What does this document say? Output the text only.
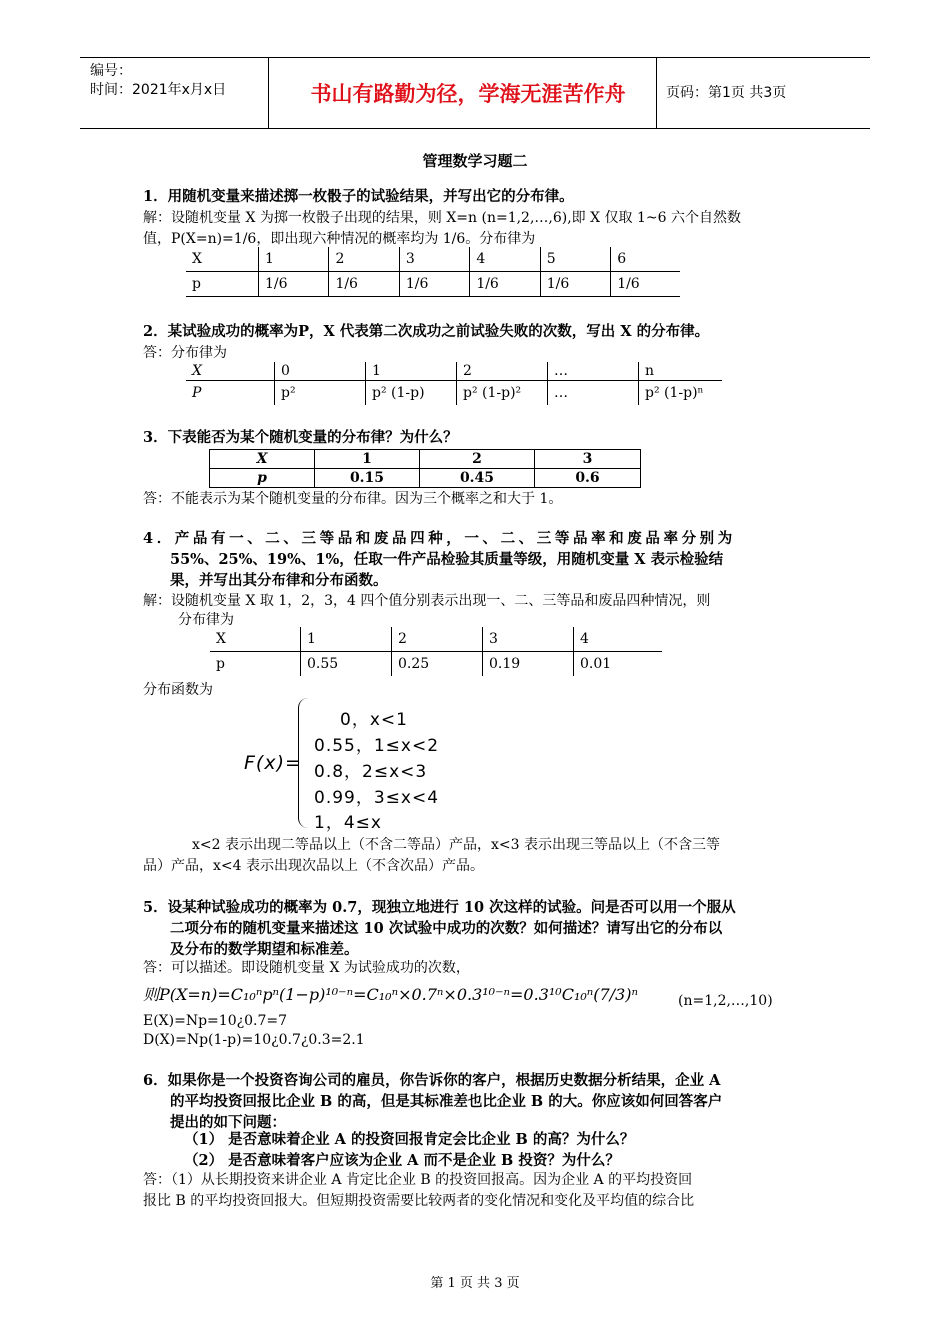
编号：
时间：2021年x月x日	书山有路勤为径，学海无涯苦作舟	页码：第1页 共3页
管理数学习题二
1．用随机变量来描述掷一枚骰子的试验结果，并写出它的分布律。
解：设随机变量 X 为掷一枚骰子出现的结果，则 X=n (n=1,2,…,6),即 X 仅取 1~6 六个自然数
值，P(X=n)=1/6，即出现六种情况的概率均为 1/6。分布律为
X	1	2	3	4	5	6
p	1/6	1/6	1/6	1/6	1/6	1/6
2．某试验成功的概率为P，X 代表第二次成功之前试验失败的次数，写出 X 的分布律。
答：分布律为
X	0	1	2	…	n
P	p²	p² (1-p)	p² (1-p)²	…	p² (1-p)ⁿ
3．下表能否为某个随机变量的分布律？为什么？
X	1	2	3
p	0.15	0.45	0.6
答：不能表示为某个随机变量的分布律。因为三个概率之和大于 1。
4．产品有一、二、三等品和废品四种，一、二、三等品率和废品率分别为
55%、25%、19%、1%，任取一件产品检验其质量等级，用随机变量 X 表示检验结
果，并写出其分布律和分布函数。
解：设随机变量 X 取 1，2，3，4 四个值分别表示出现一、二、三等品和废品四种情况，则
分布律为
X	1	2	3	4
p	0.55	0.25	0.19	0.01
分布函数为
F(x)=
0，x<1
0.55，1≤x<2
0.8，2≤x<3
0.99，3≤x<4
1，4≤x
x<2 表示出现二等品以上（不含二等品）产品，x<3 表示出现三等品以上（不含三等
品）产品，x<4 表示出现次品以上（不含次品）产品。
5．设某种试验成功的概率为 0.7，现独立地进行 10 次这样的试验。问是否可以用一个服从
二项分布的随机变量来描述这 10 次试验中成功的次数？如何描述？请写出它的分布以
及分布的数学期望和标准差。
答：可以描述。即设随机变量 X 为试验成功的次数，
则P(X=n)=C₁₀ⁿpⁿ(1−p)¹⁰⁻ⁿ=C₁₀ⁿ×0.7ⁿ×0.3¹⁰⁻ⁿ=0.3¹⁰C₁₀ⁿ(7/3)ⁿ	(n=1,2,…,10)
E(X)=Np=10¿0.7=7
D(X)=Np(1-p)=10¿0.7¿0.3=2.1
6．如果你是一个投资咨询公司的雇员，你告诉你的客户，根据历史数据分析结果，企业 A
的平均投资回报比企业 B 的高，但是其标准差也比企业 B 的大。你应该如何回答客户
提出的如下问题：
（1） 是否意味着企业 A 的投资回报肯定会比企业 B 的高？为什么？
（2） 是否意味着客户应该为企业 A 而不是企业 B 投资？为什么？
答：（1）从长期投资来讲企业 A 肯定比企业 B 的投资回报高。因为企业 A 的平均投资回
报比 B 的平均投资回报大。但短期投资需要比较两者的变化情况和变化及平均值的综合比
第 1 页 共 3 页
